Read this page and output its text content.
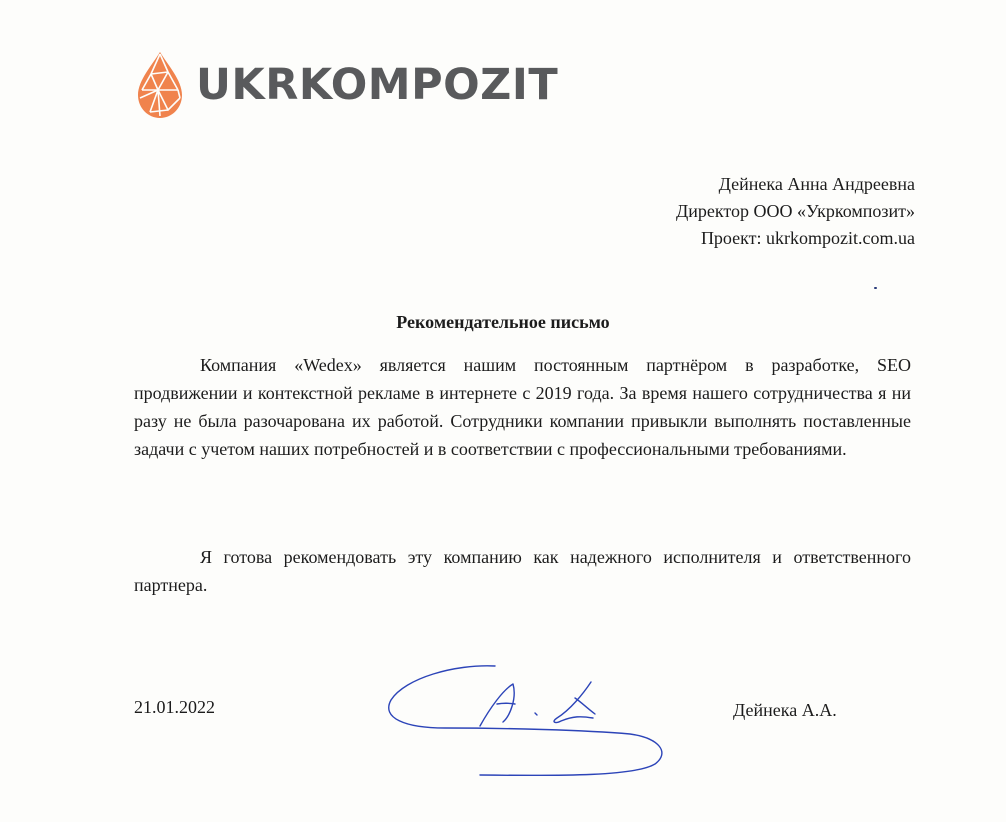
UKRKOMPOZIT
Дейнека Анна Андреевна
Директор ООО «Укркомпозит»
Проект: ukrkompozit.com.ua
Рекомендательное письмо

Компания «Wedex» является нашим постоянным партнёром в разработке, SEO продвижении и контекстной рекламе в интернете с 2019 года. За время нашего сотрудничества я ни разу не была разочарована их работой. Сотрудники компании привыкли выполнять поставленные задачи с учетом наших потребностей и в соответствии с профессиональными требованиями.

Я готова рекомендовать эту компанию как надежного исполнителя и ответственного партнера.

21.01.2022	Дейнека А.А.
